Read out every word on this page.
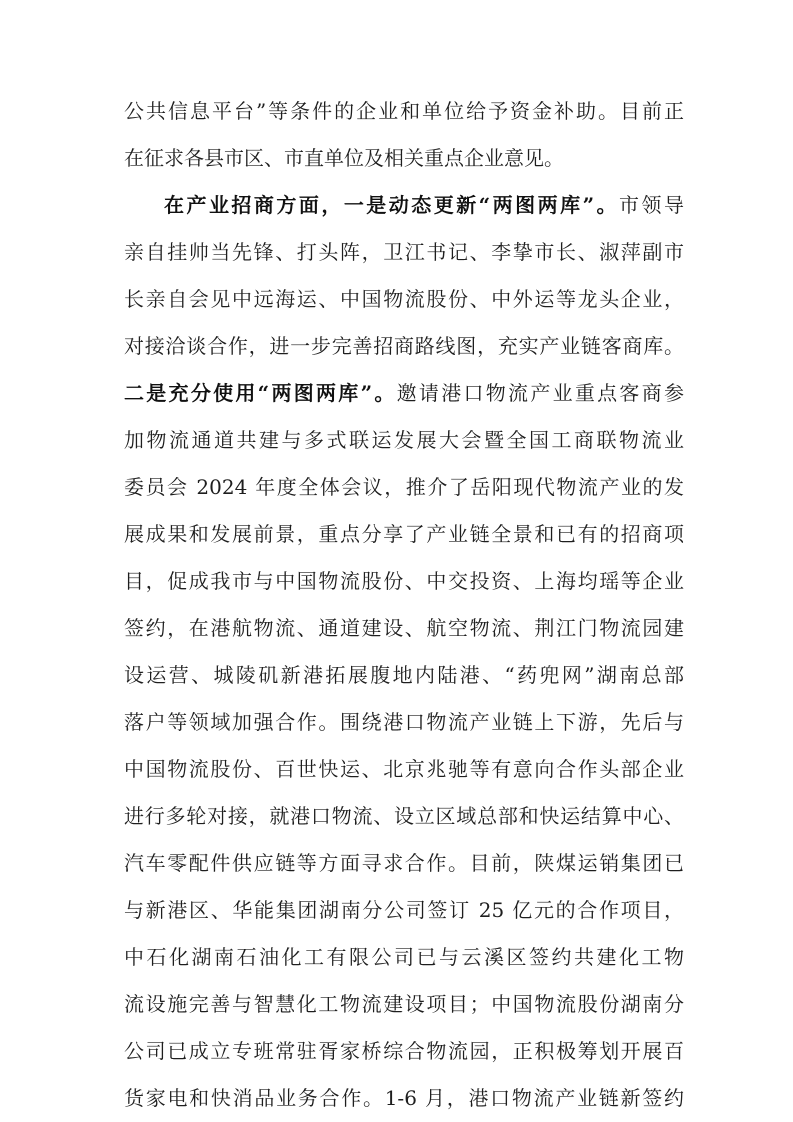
公共信息平台”等条件的企业和单位给予资金补助。目前正
在征求各县市区、市直单位及相关重点企业意见。
在产业招商方面，一是动态更新“两图两库”。市领导
亲自挂帅当先锋、打头阵，卫江书记、李挚市长、淑萍副市
长亲自会见中远海运、中国物流股份、中外运等龙头企业，
对接洽谈合作，进一步完善招商路线图，充实产业链客商库。
二是充分使用“两图两库”。邀请港口物流产业重点客商参
加物流通道共建与多式联运发展大会暨全国工商联物流业
委员会 2024 年度全体会议，推介了岳阳现代物流产业的发
展成果和发展前景，重点分享了产业链全景和已有的招商项
目，促成我市与中国物流股份、中交投资、上海均瑶等企业
签约，在港航物流、通道建设、航空物流、荆江门物流园建
设运营、城陵矶新港拓展腹地内陆港、“药兜网”湖南总部
落户等领域加强合作。围绕港口物流产业链上下游，先后与
中国物流股份、百世快运、北京兆驰等有意向合作头部企业
进行多轮对接，就港口物流、设立区域总部和快运结算中心、
汽车零配件供应链等方面寻求合作。目前，陕煤运销集团已
与新港区、华能集团湖南分公司签订 25 亿元的合作项目，
中石化湖南石油化工有限公司已与云溪区签约共建化工物
流设施完善与智慧化工物流建设项目；中国物流股份湖南分
公司已成立专班常驻胥家桥综合物流园，正积极筹划开展百
货家电和快消品业务合作。1-6 月，港口物流产业链新签约
